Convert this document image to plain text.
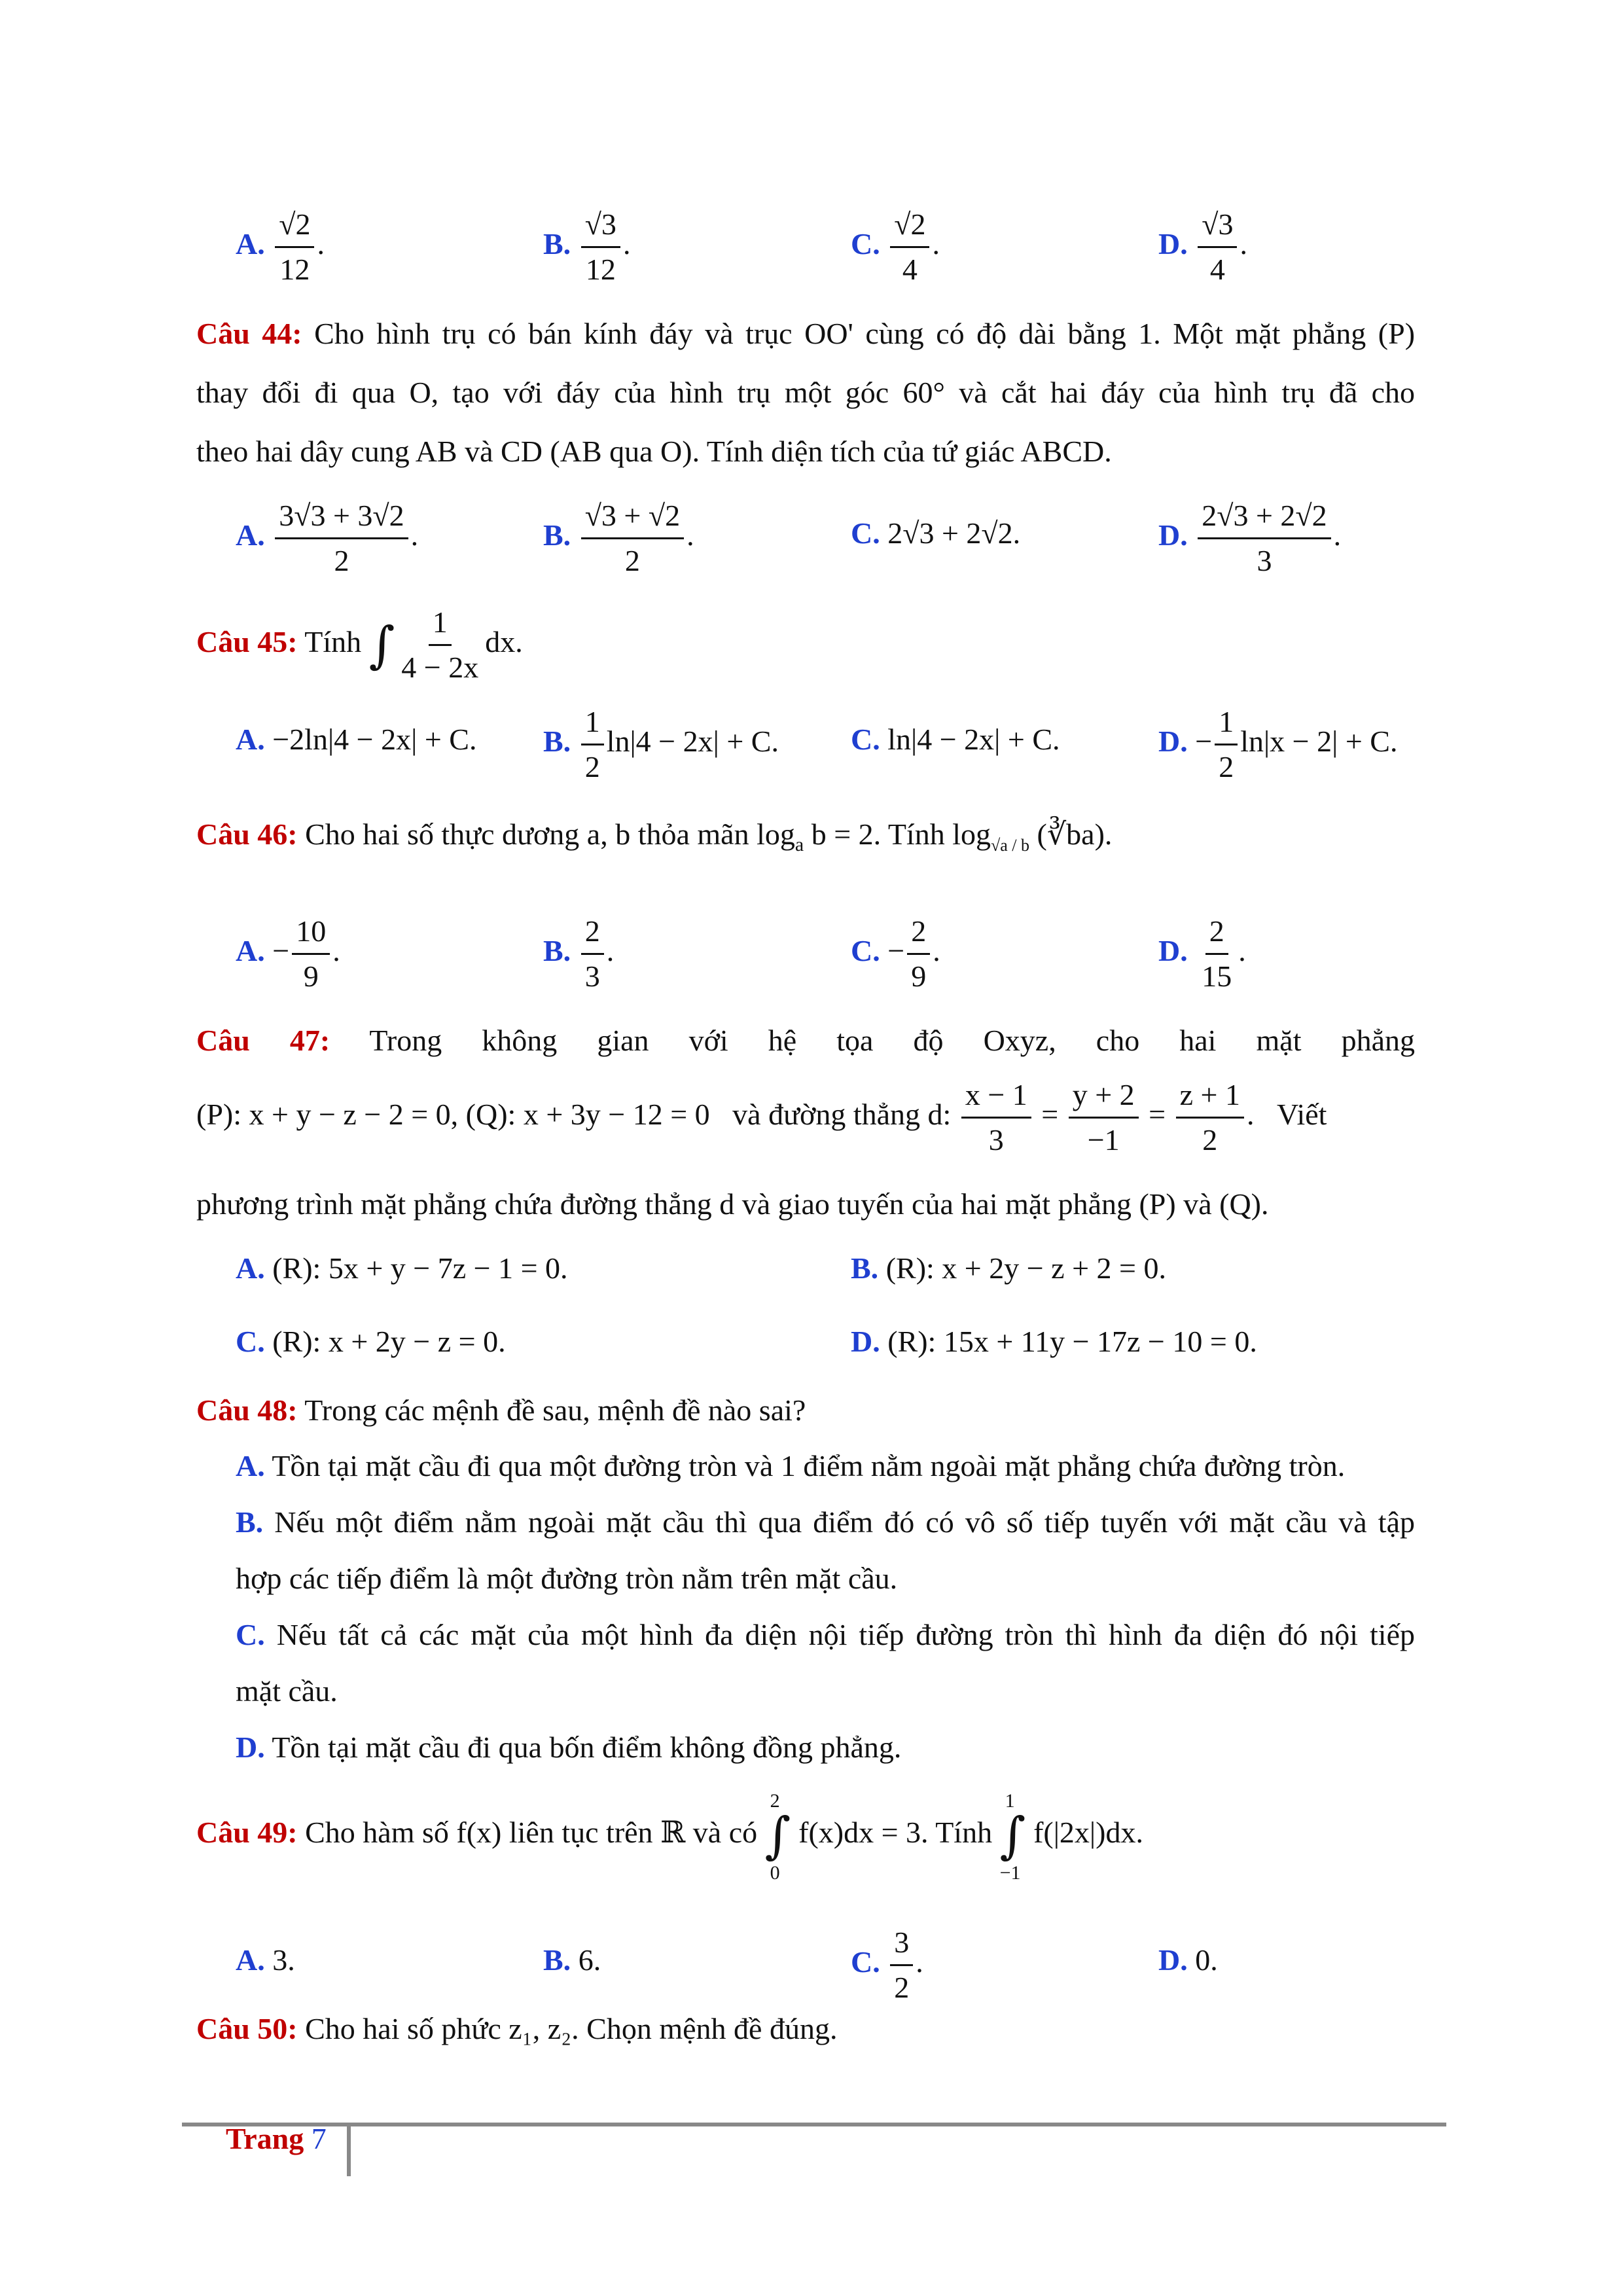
A. $\frac{√2}{12}$ .	B. $\frac{√3}{12}$ .	C. $\frac{√2}{4}$ .	D. $\frac{√3}{4}$ .
Câu 44: Cho hình trụ có bán kính đáy và trục OO' cùng có độ dài bằng 1. Một mặt phẳng (P)
thay đổi đi qua O, tạo với đáy của hình trụ một góc 60° và cắt hai đáy của hình trụ đã cho
theo hai dây cung AB và CD (AB qua O). Tính diện tích của tứ giác ABCD.
A. $\frac{3√3 + 3√2}{2}$ .	B. $\frac{√3 + √2}{2}$ .	C. 2√3 + 2√2.	D. $\frac{2√3 + 2√2}{3}$ .
Câu 45: Tính ∫ $\frac{1}{4 - 2x}$ dx.
A. −2ln|4 − 2x| + C. B. $\frac{1}{2} \ln|4 - 2x| + C$. C. ln|4 − 2x| + C.	D. − $\frac{1}{2} \ln|x - 2| + C$.
Câu 46: Cho hai số thực dương a, b thỏa mãn $\log_a b = 2$. Tính $\log_{√a / b}$ (∛ba).
A. − $\frac{10}{9}$ .	B. $\frac{2}{3}$ .	C. − $\frac{2}{9}$ .	D. $\frac{2}{15}$ .
Câu 47: Trong không gian với hệ tọa độ Oxyz, cho hai mặt phẳng
(P): x + y − z − 2 = 0, (Q): x + 3y − 12 = 0 và đường thẳng d: $\frac{x - 1}{3} = \frac{y + 2}{-1} = \frac{z + 1}{2}$ .   Viết
phương trình mặt phẳng chứa đường thẳng d và giao tuyến của hai mặt phẳng (P) và (Q).
A. (R): 5x + y − 7z − 1 = 0.	B. (R): x + 2y − z + 2 = 0.
C. (R): x + 2y − z = 0.	D. (R): 15x + 11y − 17z − 10 = 0.
Câu 48: Trong các mệnh đề sau, mệnh đề nào sai?
A. Tồn tại mặt cầu đi qua một đường tròn và 1 điểm nằm ngoài mặt phẳng chứa đường tròn.
B. Nếu một điểm nằm ngoài mặt cầu thì qua điểm đó có vô số tiếp tuyến với mặt cầu và tập
hợp các tiếp điểm là một đường tròn nằm trên mặt cầu.
C. Nếu tất cả các mặt của một hình đa diện nội tiếp đường tròn thì hình đa diện đó nội tiếp
mặt cầu.
D. Tồn tại mặt cầu đi qua bốn điểm không đồng phẳng.
Câu 49: Cho hàm số f(x) liên tục trên ℝ và có
2
∫
0
f(x)dx = 3. Tính
1
∫
−1
f(|2x|)dx.
A. 3.	B. 6.	C. $\frac{3}{2}$ .	D. 0.
Câu 50: Cho hai số phức z₁, z₂. Chọn mệnh đề đúng.
Trang 7
